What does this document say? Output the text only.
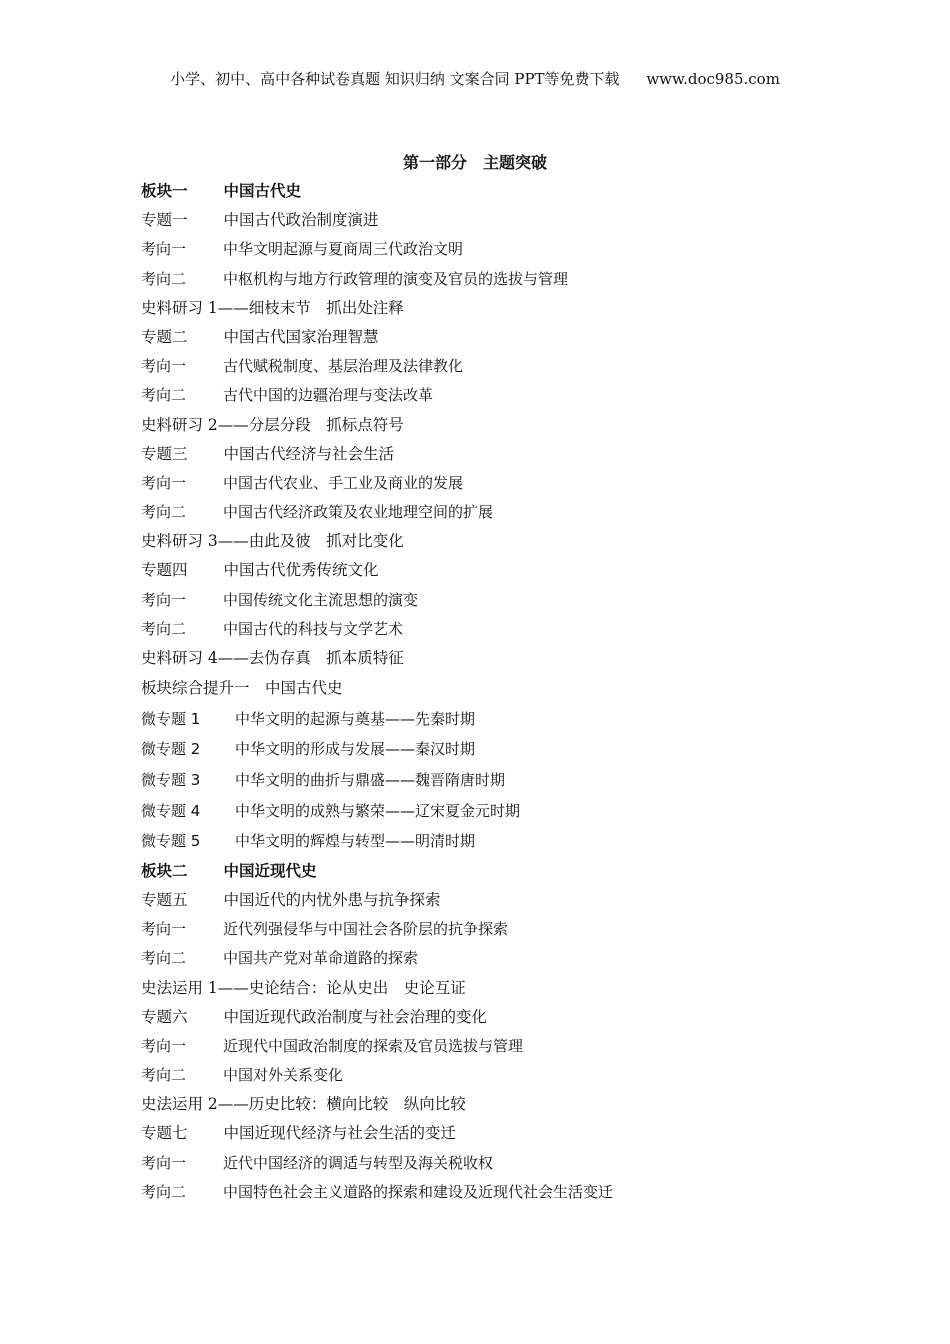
小学、初中、高中各种试卷真题 知识归纳 文案合同 PPT等免费下载 www.doc985.com
第一部分　主题突破
板块一　 中国古代史
专题一　 中国古代政治制度演进
考向一　 中华文明起源与夏商周三代政治文明
考向二　 中枢机构与地方行政管理的演变及官员的选拔与管理
史料研习 1——细枝末节　抓出处注释
专题二　 中国古代国家治理智慧
考向一　 古代赋税制度、基层治理及法律教化
考向二　 古代中国的边疆治理与变法改革
史料研习 2——分层分段　抓标点符号
专题三　 中国古代经济与社会生活
考向一　 中国古代农业、手工业及商业的发展
考向二　 中国古代经济政策及农业地理空间的扩展
史料研习 3——由此及彼　抓对比变化
专题四　 中国古代优秀传统文化
考向一　 中国传统文化主流思想的演变
考向二　 中国古代的科技与文学艺术
史料研习 4——去伪存真　抓本质特征
板块综合提升一　 中国古代史
微专题 1　 中华文明的起源与奠基——先秦时期
微专题 2　 中华文明的形成与发展——秦汉时期
微专题 3　 中华文明的曲折与鼎盛——魏晋隋唐时期
微专题 4　 中华文明的成熟与繁荣——辽宋夏金元时期
微专题 5　 中华文明的辉煌与转型——明清时期
板块二　 中国近现代史
专题五　 中国近代的内忧外患与抗争探索
考向一　 近代列强侵华与中国社会各阶层的抗争探索
考向二　 中国共产党对革命道路的探索
史法运用 1——史论结合：论从史出　史论互证
专题六　 中国近现代政治制度与社会治理的变化
考向一　 近现代中国政治制度的探索及官员选拔与管理
考向二　 中国对外关系变化
史法运用 2——历史比较：横向比较　纵向比较
专题七　 中国近现代经济与社会生活的变迁
考向一　 近代中国经济的调适与转型及海关税收权
考向二　 中国特色社会主义道路的探索和建设及近现代社会生活变迁
